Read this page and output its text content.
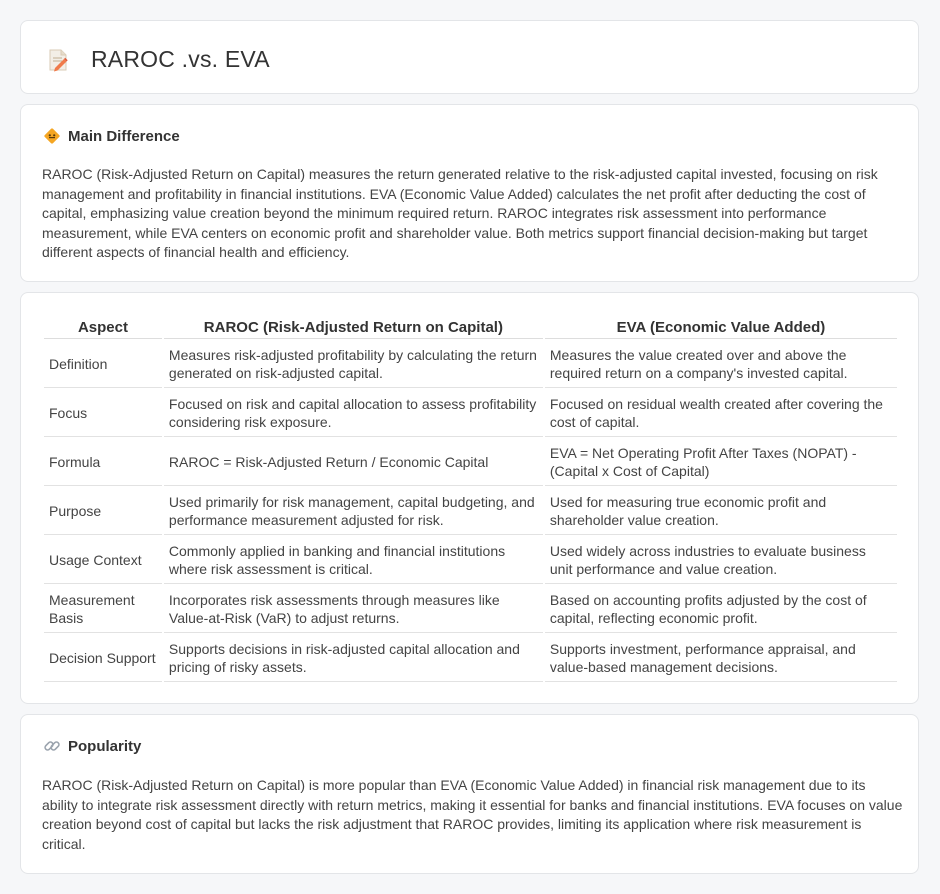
RAROC .vs. EVA
Main Difference

RAROC (Risk-Adjusted Return on Capital) measures the return generated relative to the risk-adjusted capital invested, focusing on risk management and profitability in financial institutions. EVA (Economic Value Added) calculates the net profit after deducting the cost of capital, emphasizing value creation beyond the minimum required return. RAROC integrates risk assessment into performance measurement, while EVA centers on economic profit and shareholder value. Both metrics support financial decision-making but target different aspects of financial health and efficiency.

Aspect	RAROC (Risk-Adjusted Return on Capital)	EVA (Economic Value Added)
Definition	Measures risk-adjusted profitability by calculating the return generated on risk-adjusted capital.	Measures the value created over and above the required return on a company's invested capital.
Focus	Focused on risk and capital allocation to assess profitability considering risk exposure.	Focused on residual wealth created after covering the cost of capital.
Formula	RAROC = Risk-Adjusted Return / Economic Capital	EVA = Net Operating Profit After Taxes (NOPAT) - (Capital x Cost of Capital)
Purpose	Used primarily for risk management, capital budgeting, and performance measurement adjusted for risk.	Used for measuring true economic profit and shareholder value creation.
Usage Context	Commonly applied in banking and financial institutions where risk assessment is critical.	Used widely across industries to evaluate business unit performance and value creation.
Measurement Basis	Incorporates risk assessments through measures like Value-at-Risk (VaR) to adjust returns.	Based on accounting profits adjusted by the cost of capital, reflecting economic profit.
Decision Support	Supports decisions in risk-adjusted capital allocation and pricing of risky assets.	Supports investment, performance appraisal, and value-based management decisions.
Popularity

RAROC (Risk-Adjusted Return on Capital) is more popular than EVA (Economic Value Added) in financial risk management due to its ability to integrate risk assessment directly with return metrics, making it essential for banks and financial institutions. EVA focuses on value creation beyond cost of capital but lacks the risk adjustment that RAROC provides, limiting its application where risk measurement is critical.
